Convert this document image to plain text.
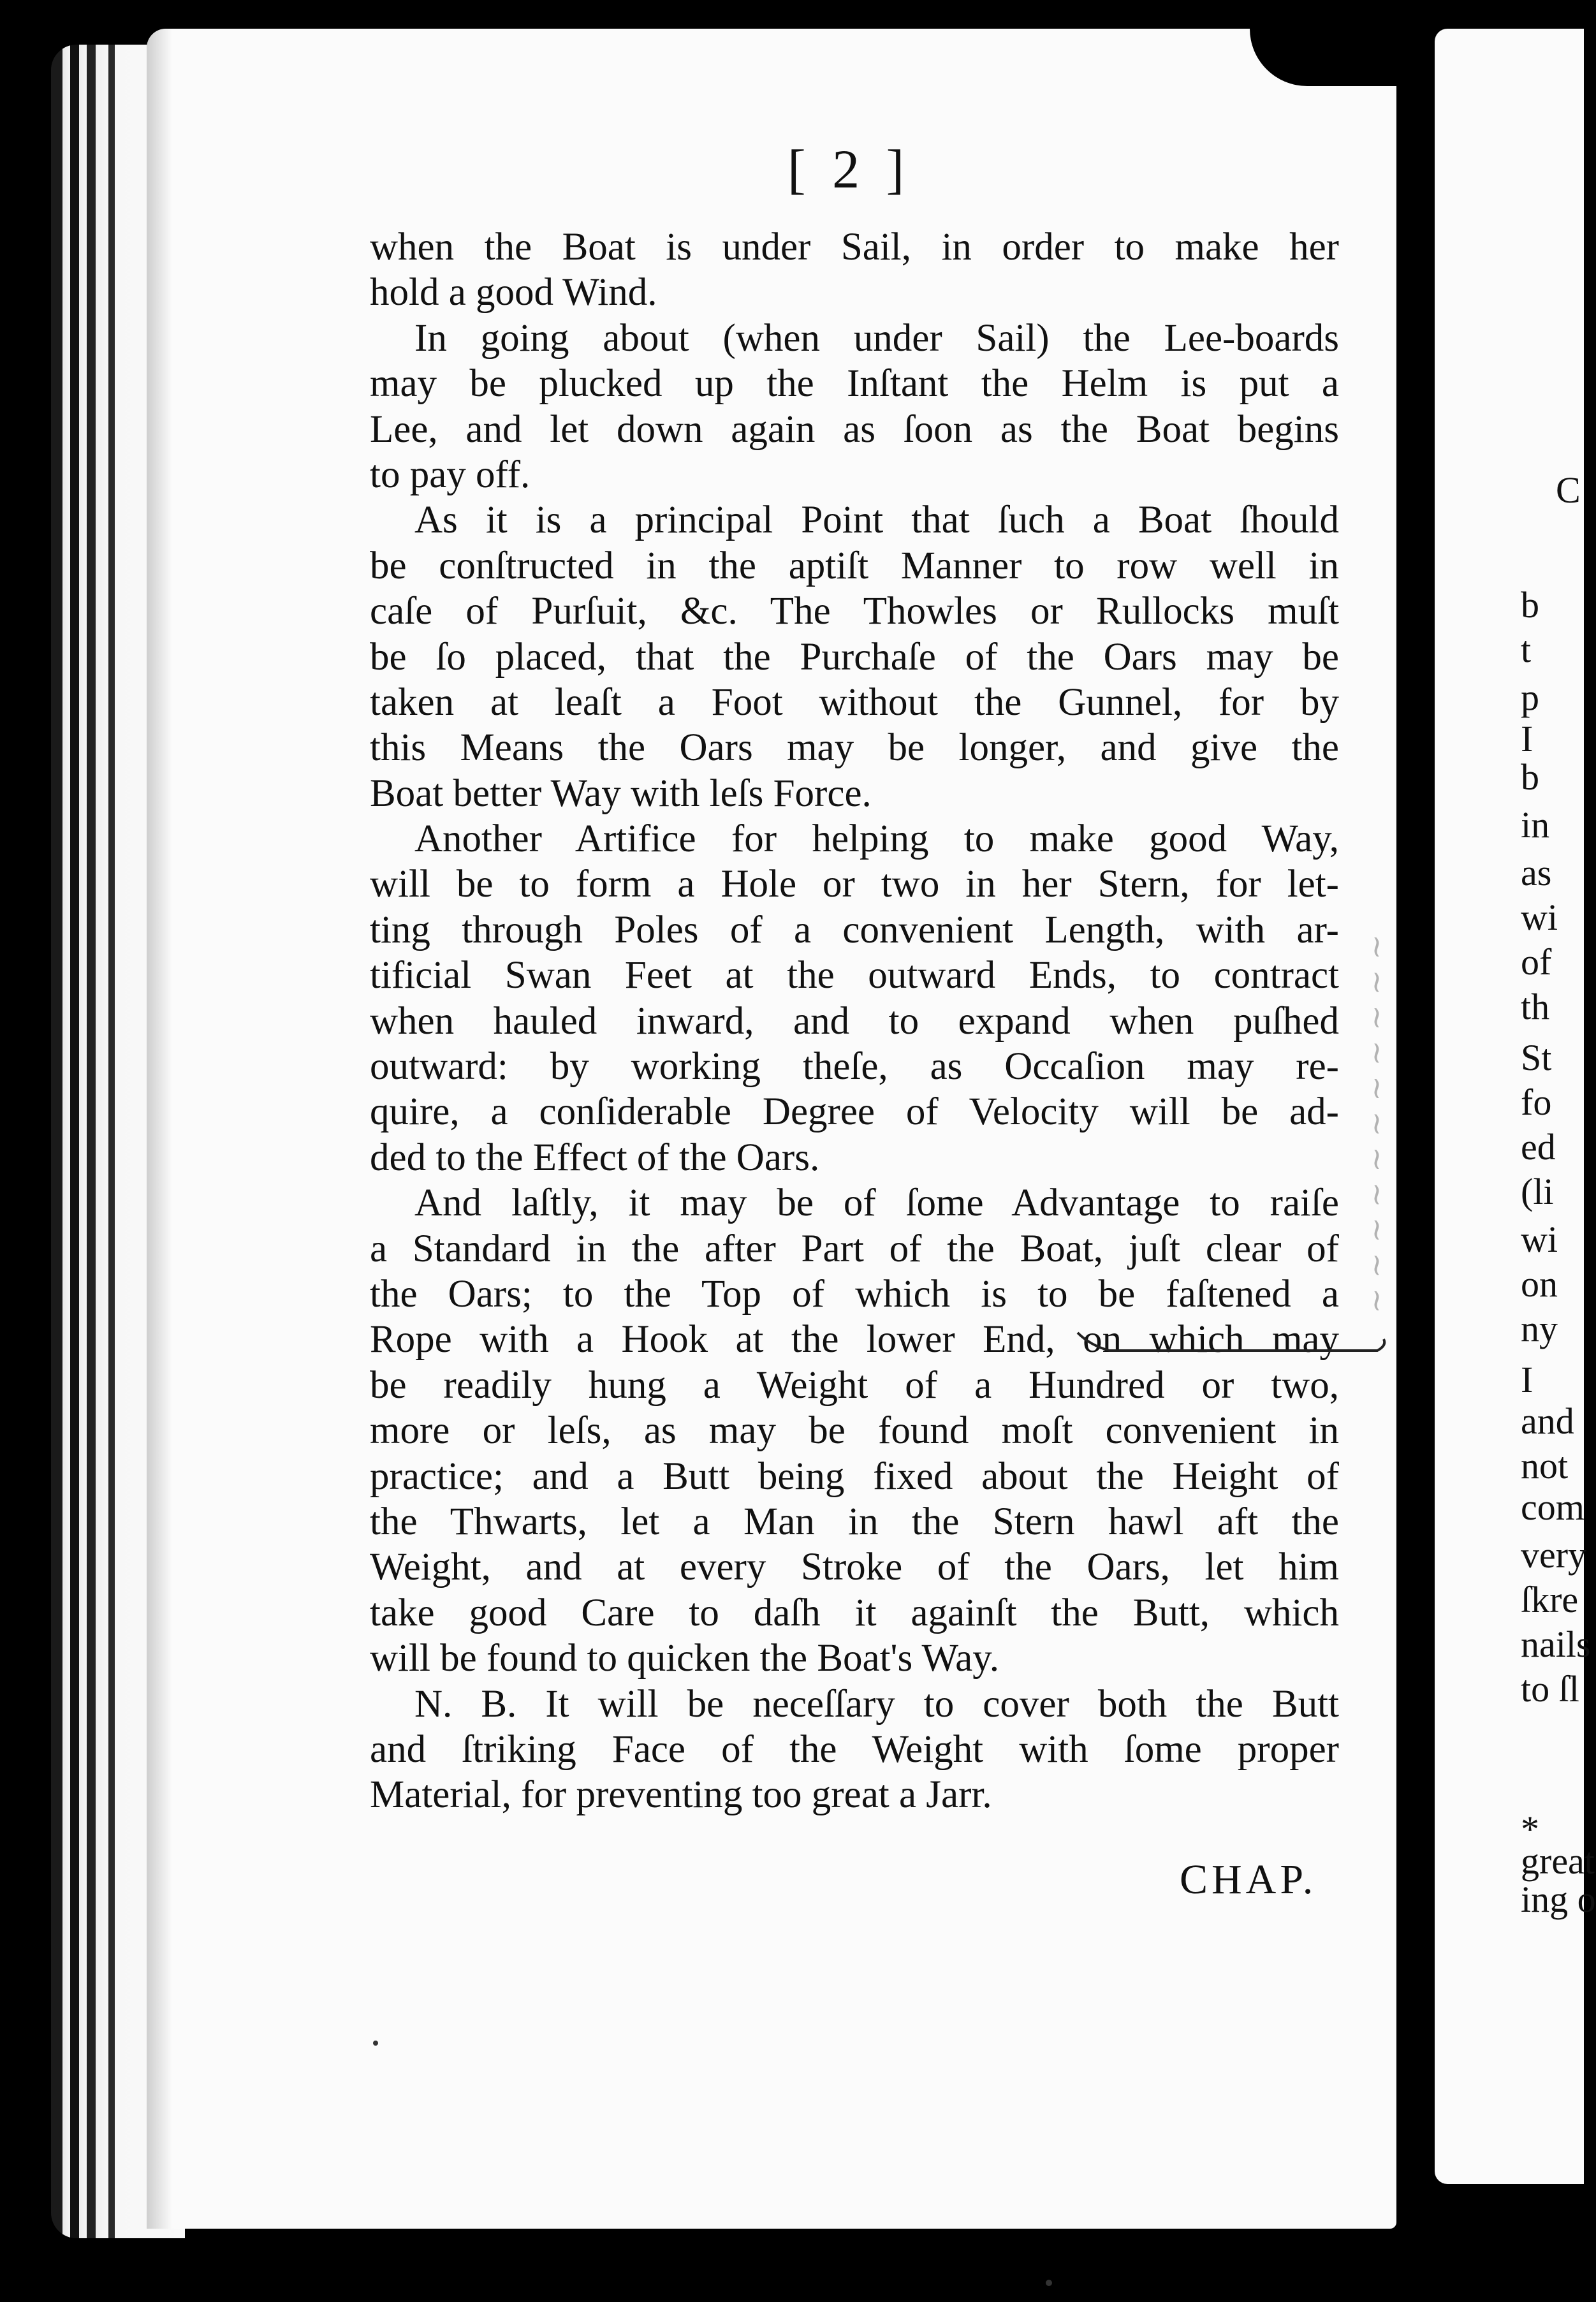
~ ~ ~ ~ ~ ~ ~ ~ ~ ~ ~
[ 2 ]
when the Boat is under Sail, in order to make her
hold a good Wind.
In going about (when under Sail) the Lee-boards
may be plucked up the Inſtant the Helm is put a
Lee, and let down again as ſoon as the Boat begins
to pay off.
As it is a principal Point that ſuch a Boat ſhould
be conſtructed in the aptiſt Manner to row well in
caſe of Purſuit, &c. The Thowles or Rullocks muſt
be ſo placed, that the Purchaſe of the Oars may be
taken at leaſt a Foot without the Gunnel, for by
this Means the Oars may be longer, and give the
Boat better Way with leſs Force.
Another Artifice for helping to make good Way,
will be to form a Hole or two in her Stern, for let-
ting through Poles of a convenient Length, with ar-
tificial Swan Feet at the outward Ends, to contract
when hauled inward, and to expand when puſhed
outward: by working theſe, as Occaſion may re-
quire, a conſiderable Degree of Velocity will be ad-
ded to the Effect of the Oars.
And laſtly, it may be of ſome Advantage to raiſe
a Standard in the after Part of the Boat, juſt clear of
the Oars; to the Top of which is to be faſtened a
Rope with a Hook at the lower End, on which may
be readily hung a Weight of a Hundred or two,
more or leſs, as may be found moſt convenient in
practice; and a Butt being fixed about the Height of
the Thwarts, let a Man in the Stern hawl aft the
Weight, and at every Stroke of the Oars, let him
take good Care to daſh it againſt the Butt, which
will be found to quicken the Boat's Way.
N. B. It will be neceſſary to cover both the Butt
and ſtriking Face of the Weight with ſome proper
Material, for preventing too great a Jarr.
CHAP.
C
b
t
p
I
b
in
as
wi
of
th
St
fo
ed
(li
wi
on
ny
I
and
not
com
very
ſkre
nails
to ſl
*
great
ing o
